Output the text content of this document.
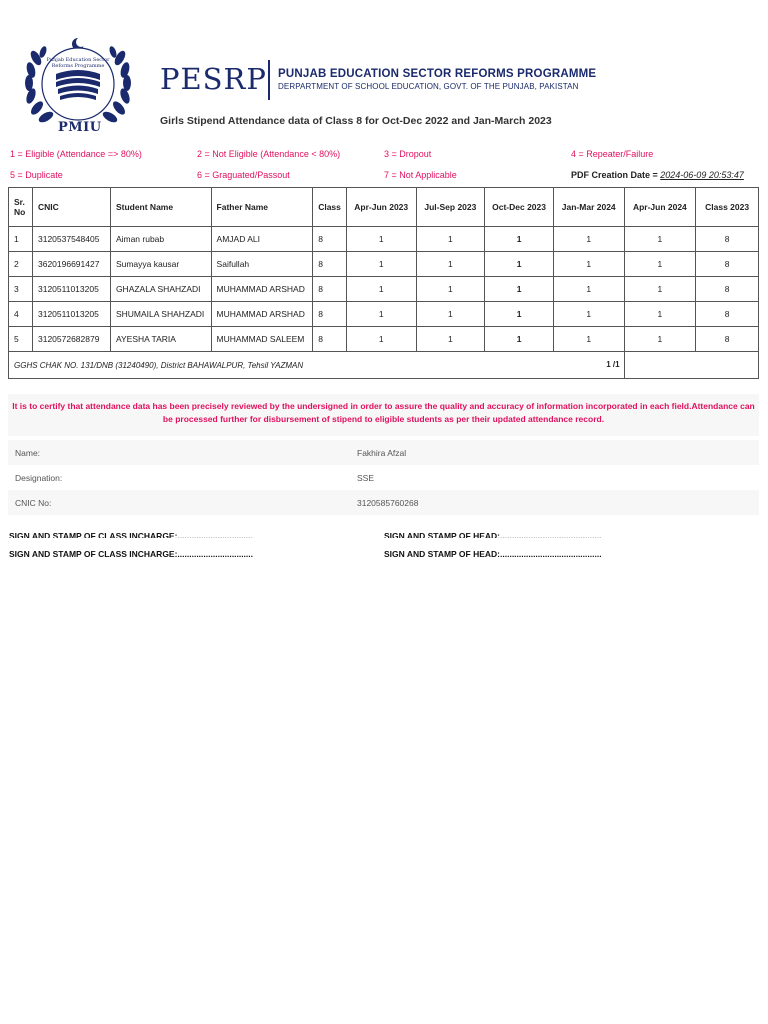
Punjab Education Sector
Reforms Programme
PMIU
PESRP PUNJAB EDUCATION SECTOR REFORMS PROGRAMME
DERPARTMENT OF SCHOOL EDUCATION, GOVT. OF THE PUNJAB, PAKISTAN
Girls Stipend Attendance data of Class 8 for Oct-Dec 2022 and Jan-March 2023
1 = Eligible (Attendance => 80%)	2 = Not Eligible (Attendance < 80%)	3 = Dropout	4 = Repeater/Failure
5 = Duplicate	6 = Graguated/Passout	7 = Not Applicable	PDF Creation Date = 2024-06-09 20:53:47
Sr. No	CNIC	Student Name	Father Name	Class	Apr-Jun 2023	Jul-Sep 2023	Oct-Dec 2023	Jan-Mar 2024	Apr-Jun 2024	Class 2023
1	3120537548405	Aiman rubab	AMJAD ALI	8	1	1	1	1	1	8
2	3620196691427	Sumayya kausar	Saifullah	8	1	1	1	1	1	8
3	3120511013205	GHAZALA SHAHZADI	MUHAMMAD ARSHAD	8	1	1	1	1	1	8
4	3120511013205	SHUMAILA SHAHZADI	MUHAMMAD ARSHAD	8	1	1	1	1	1	8
5	3120572682879	AYESHA TARIA	MUHAMMAD SALEEM	8	1	1	1	1	1	8
GGHS CHAK NO. 131/DNB (31240490), District BAHAWALPUR, Tehsil YAZMAN 1 /1										

It is to certify that attendance data has been precisely reviewed by the undersigned in order to assure the quality and accuracy of information incorporated in each field.Attendance can be processed further for disbursement of stipend to eligible students as per their updated attendance record.
Name:	Fakhira Afzal
Designation:	SSE
CNIC No:	3120585760268
SIGN AND STAMP OF CLASS INCHARGE:................................	SIGN AND STAMP OF HEAD:...........................................
SIGN AND STAMP OF CLASS INCHARGE:................................	SIGN AND STAMP OF HEAD:...........................................
